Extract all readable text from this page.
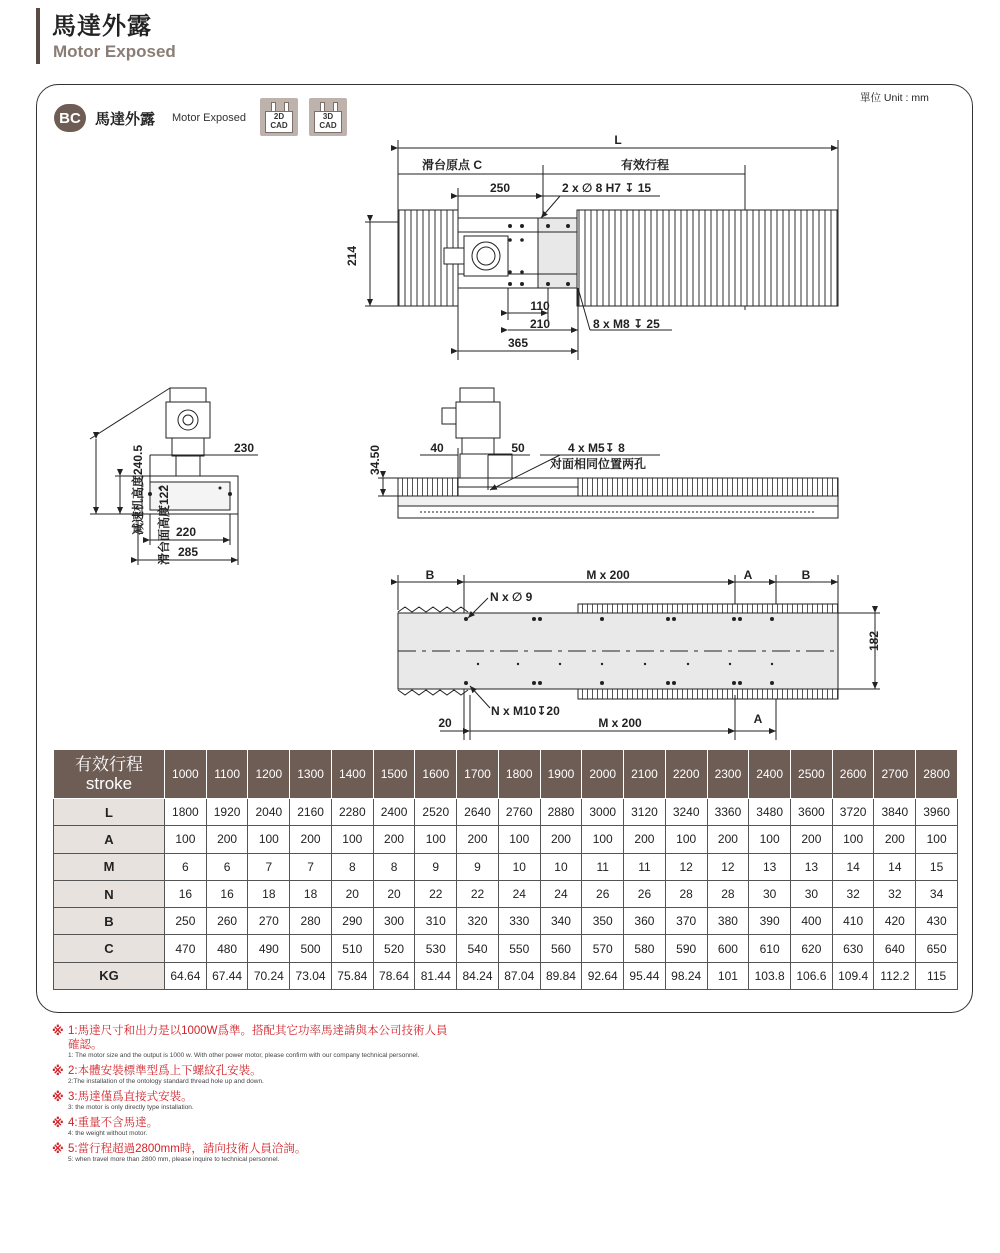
馬達外露
Motor Exposed
單位 Unit : mm
BC 馬達外露 Motor Exposed	2D CAD
3D CAD
L
滑台原点 C	有效行程
250	2 x ∅ 8 H7 ↧ 15
214
110
210	8 x M8 ↧ 25
365
减速机高度240.5 滑台面高度122
230
220
285
34.50	40	50	4 x M5↧ 8
对面相同位置两孔
B	M x 200	A	B
N x ∅ 9
182
N x M10↧20
20	M x 200	A
有效行程
stroke	1000	1100	1200	1300	1400	1500	1600	1700	1800	1900	2000	2100	2200	2300	2400	2500	2600	2700	2800
L	1800	1920	2040	2160	2280	2400	2520	2640	2760	2880	3000	3120	3240	3360	3480	3600	3720	3840	3960
A	100	200	100	200	100	200	100	200	100	200	100	200	100	200	100	200	100	200	100
M	6	6	7	7	8	8	9	9	10	10	11	11	12	12	13	13	14	14	15
N	16	16	18	18	20	20	22	22	24	24	26	26	28	28	30	30	32	32	34
B	250	260	270	280	290	300	310	320	330	340	350	360	370	380	390	400	410	420	430
C	470	480	490	500	510	520	530	540	550	560	570	580	590	600	610	620	630	640	650
KG	64.64	67.44	70.24	73.04	75.84	78.64	81.44	84.24	87.04	89.84	92.64	95.44	98.24	101	103.8	106.6	109.4	112.2	115
※ 1:馬達尺寸和出力是以1000W爲準。搭配其它功率馬達請與本公司技術人員確認。
1: The motor size and the output is 1000 w. With other power motor, please confirm with our company technical personnel.
※ 2:本體安裝標準型爲上下螺紋孔安裝。
2:The installation of the ontology standard thread hole up and down.
※ 3:馬達僅爲直接式安裝。
3: the motor is only directly type installation.
※ 4:重量不含馬達。
4: the weight without motor.
※ 5:當行程超過2800mm時，請向技術人員洽詢。
5: when travel more than 2800 mm, please inquire to technical personnel.
